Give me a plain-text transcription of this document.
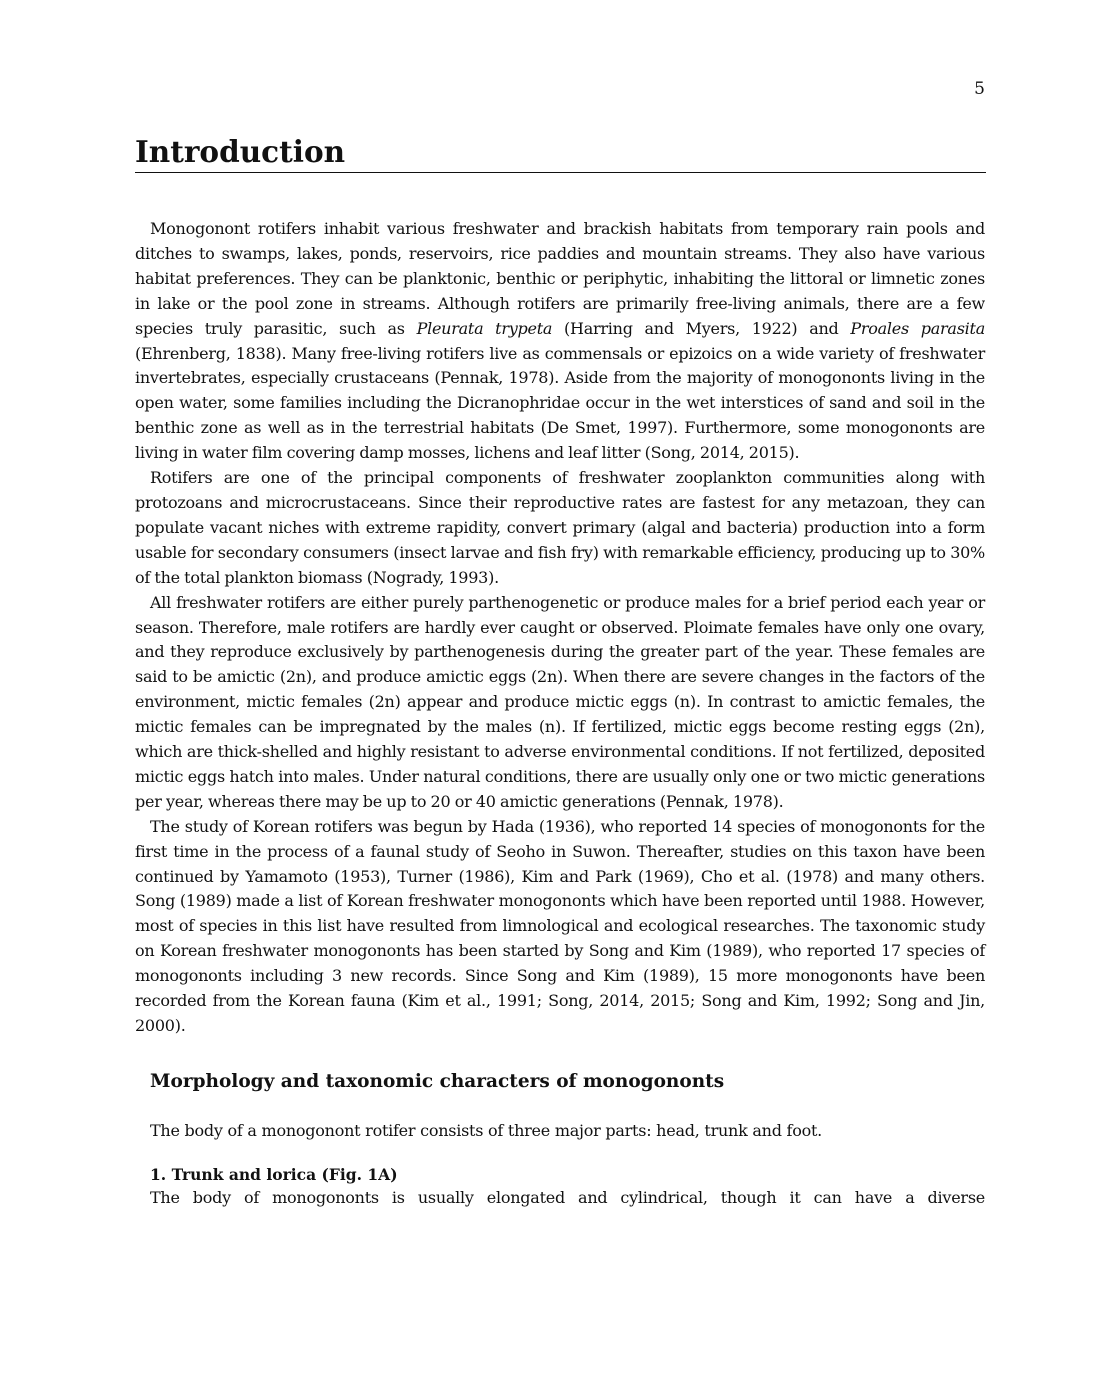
5
Introduction

Monogonont rotifers inhabit various freshwater and brackish habitats from temporary rain pools and ditches to swamps, lakes, ponds, reservoirs, rice paddies and mountain streams. They also have various habitat preferences. They can be planktonic, benthic or periphytic, inhabiting the littoral or limnetic zones in lake or the pool zone in streams. Although rotifers are primarily free-living animals, there are a few species truly parasitic, such as Pleurata trypeta (Harring and Myers, 1922) and Proales parasita (Ehrenberg, 1838). Many free-living rotifers live as commensals or epizoics on a wide variety of freshwater invertebrates, especially crustaceans (Pennak, 1978). Aside from the majority of monogononts living in the open water, some families including the Dicranophridae occur in the wet interstices of sand and soil in the benthic zone as well as in the terrestrial habitats (De Smet, 1997). Furthermore, some monogononts are living in water film covering damp mosses, lichens and leaf litter (Song, 2014, 2015).

Rotifers are one of the principal components of freshwater zooplankton communities along with protozoans and microcrustaceans. Since their reproductive rates are fastest for any metazoan, they can populate vacant niches with extreme rapidity, convert primary (algal and bacteria) production into a form usable for secondary consumers (insect larvae and fish fry) with remarkable efficiency, producing up to 30% of the total plankton biomass (Nogrady, 1993).

All freshwater rotifers are either purely parthenogenetic or produce males for a brief period each year or season. Therefore, male rotifers are hardly ever caught or observed. Ploimate females have only one ovary, and they reproduce exclusively by parthenogenesis during the greater part of the year. These females are said to be amictic (2n), and produce amictic eggs (2n). When there are severe changes in the factors of the environment, mictic females (2n) appear and produce mictic eggs (n). In contrast to amictic females, the mictic females can be impregnated by the males (n). If fertilized, mictic eggs become resting eggs (2n), which are thick-shelled and highly resistant to adverse environmental conditions. If not fertilized, deposited mictic eggs hatch into males. Under natural conditions, there are usually only one or two mictic generations per year, whereas there may be up to 20 or 40 amictic generations (Pennak, 1978).

The study of Korean rotifers was begun by Hada (1936), who reported 14 species of monogononts for the first time in the process of a faunal study of Seoho in Suwon. Thereafter, studies on this taxon have been continued by Yamamoto (1953), Turner (1986), Kim and Park (1969), Cho et al. (1978) and many others. Song (1989) made a list of Korean freshwater monogononts which have been reported until 1988. However, most of species in this list have resulted from limnological and ecological researches. The taxonomic study on Korean freshwater monogononts has been started by Song and Kim (1989), who reported 17 species of monogononts including 3 new records. Since Song and Kim (1989), 15 more monogononts have been recorded from the Korean fauna (Kim et al., 1991; Song, 2014, 2015; Song and Kim, 1992; Song and Jin, 2000).

Morphology and taxonomic characters of monogononts

The body of a monogonont rotifer consists of three major parts: head, trunk and foot.

1. Trunk and lorica (Fig. 1A)

The body of monogononts is usually elongated and cylindrical, though it can have a diverse
